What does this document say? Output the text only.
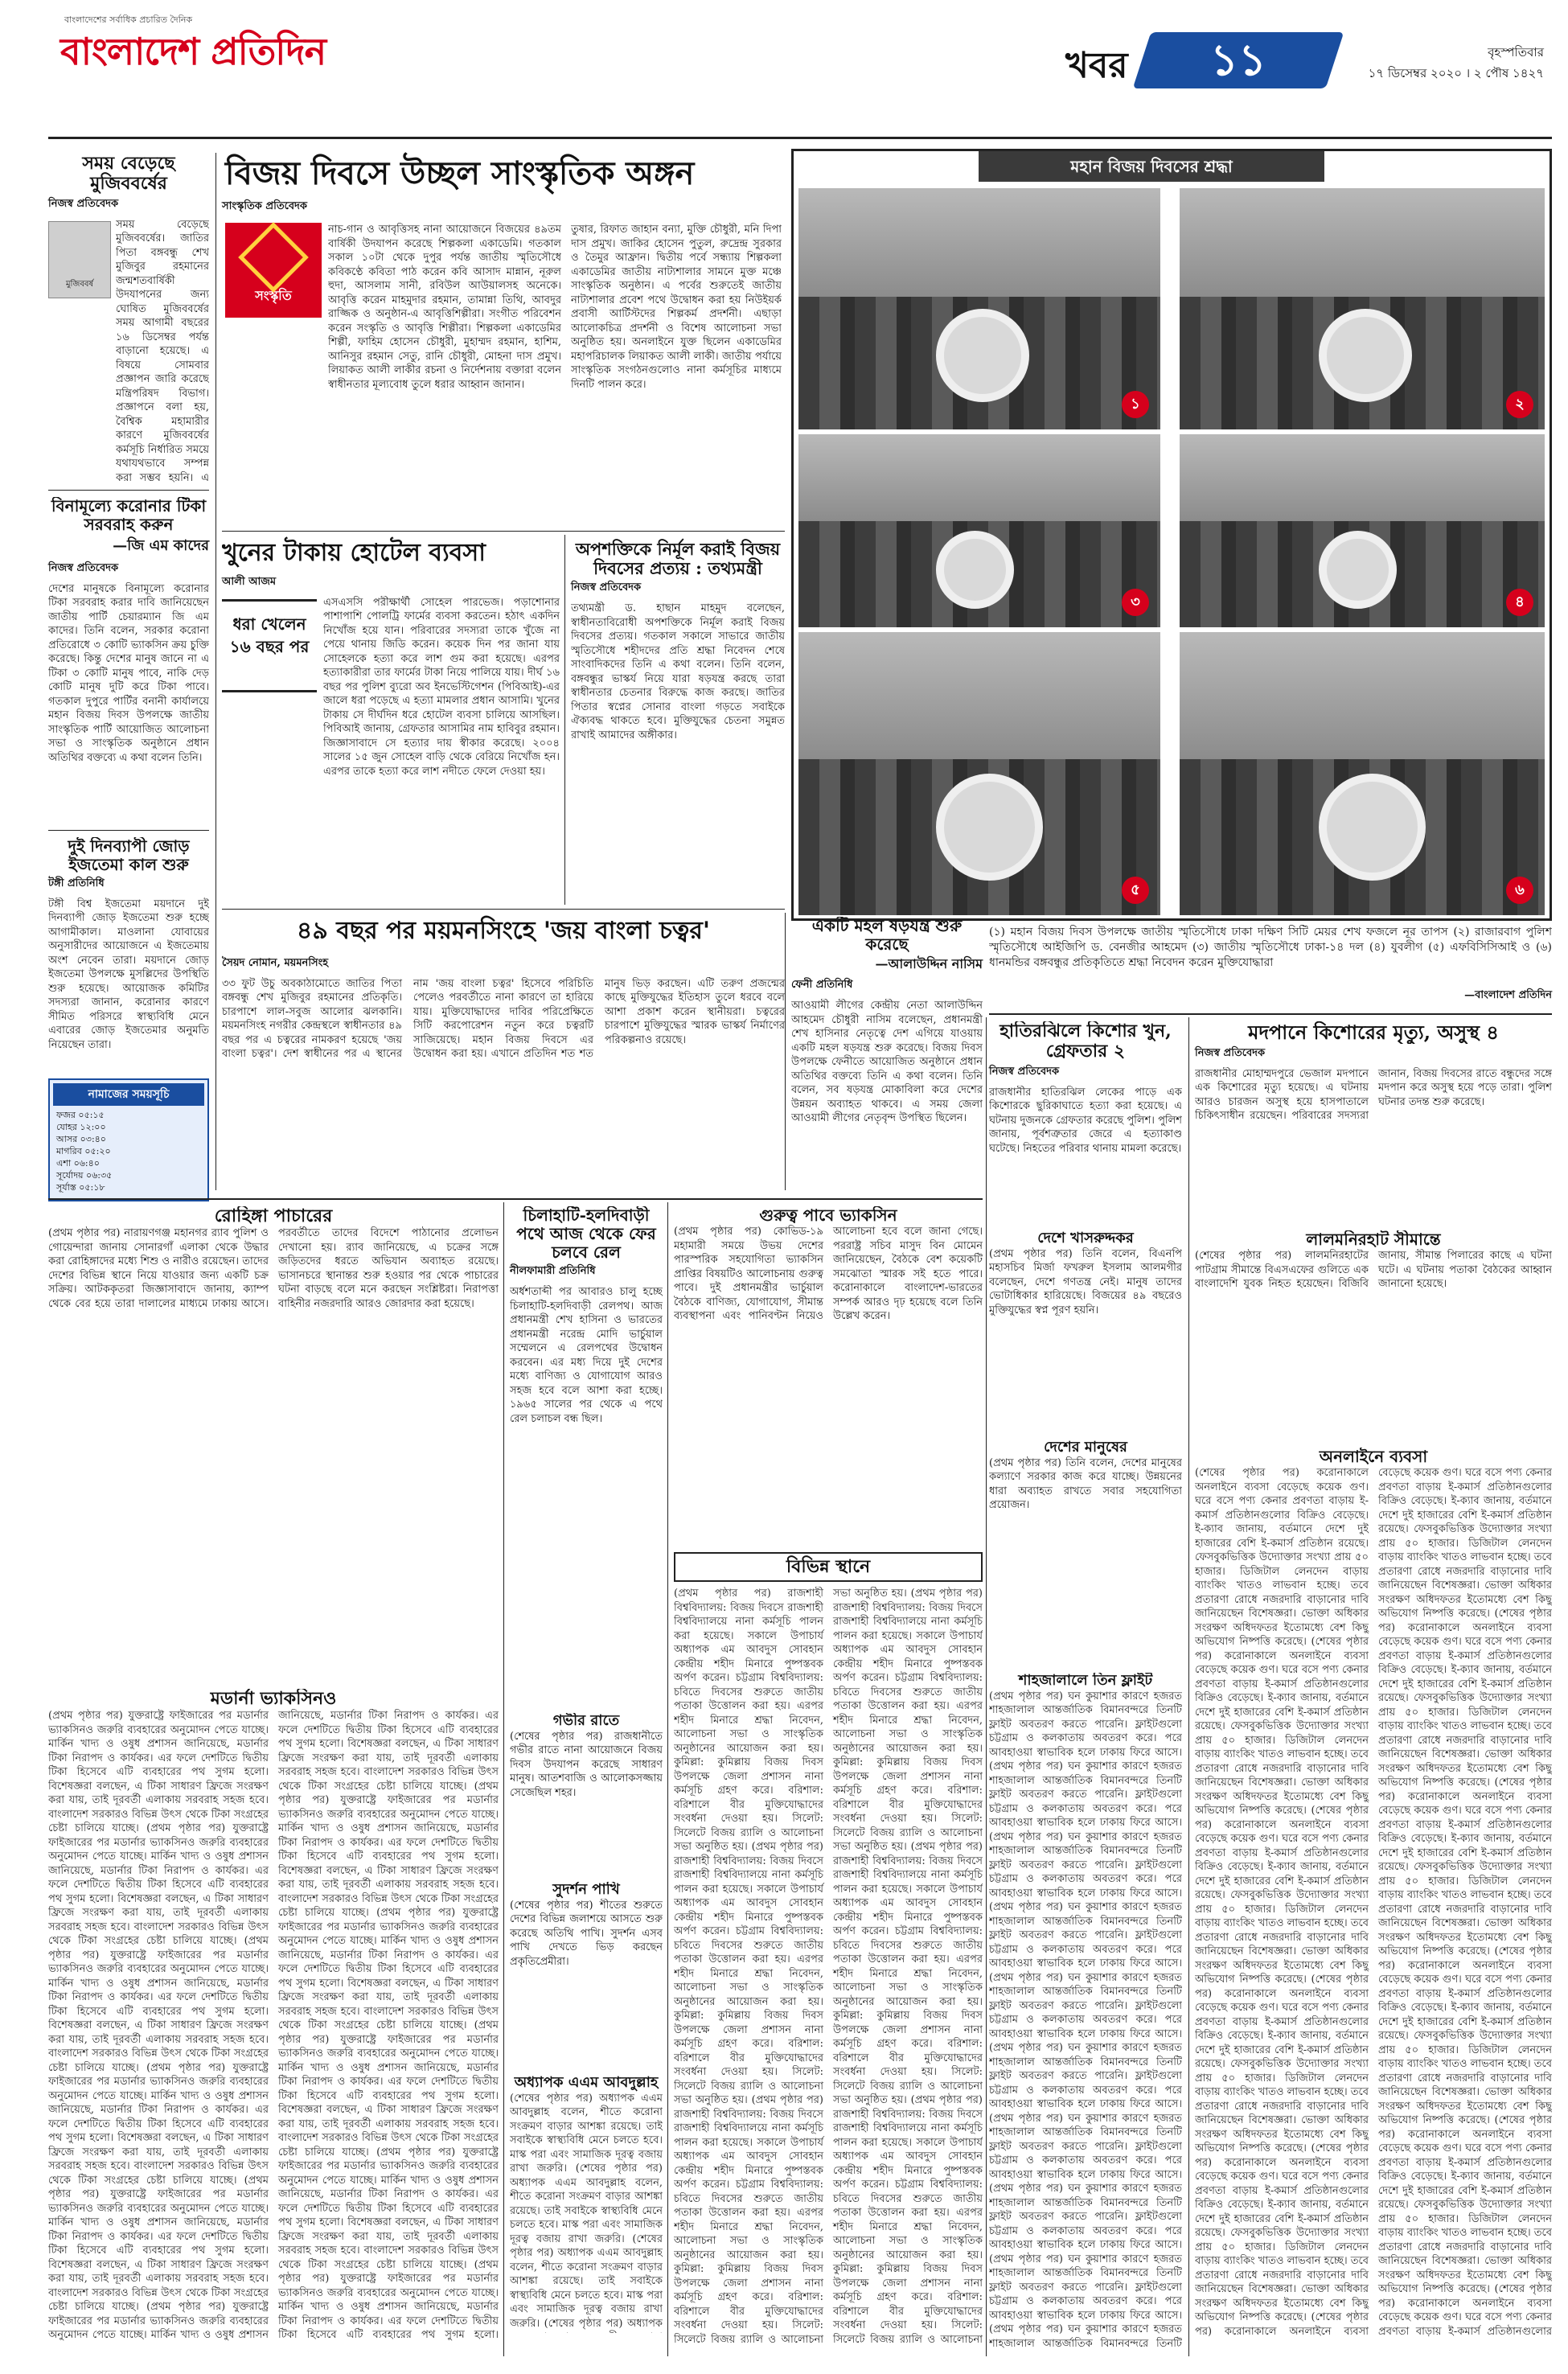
বাংলাদেশের সর্বাধিক প্রচারিত দৈনিক
বাংলাদেশ প্রতিদিন	খবর	১১	বৃহস্পতিবার
১৭ ডিসেম্বর ২০২০ । ২ পৌষ ১৪২৭
সময় বেড়েছে মুজিববর্ষের
নিজস্ব প্রতিবেদক
মুজিববর্ষ
সময় বেড়েছে মুজিববর্ষের। জাতির পিতা বঙ্গবন্ধু শেখ মুজিবুর রহমানের জন্মশতবার্ষিকী উদযাপনের জন্য ঘোষিত মুজিববর্ষের সময় আগামী বছরের ১৬ ডিসেম্বর পর্যন্ত বাড়ানো হয়েছে। এ বিষয়ে সোমবার প্রজ্ঞাপন জারি করেছে মন্ত্রিপরিষদ বিভাগ। প্রজ্ঞাপনে বলা হয়, বৈশ্বিক মহামারীর কারণে মুজিববর্ষের কর্মসূচি নির্ধারিত সময়ে যথাযথভাবে সম্পন্ন করা সম্ভব হয়নি। এ
বিনামূল্যে করোনার টিকা সরবরাহ করুন
—জি এম কাদের
নিজস্ব প্রতিবেদক
দেশের মানুষকে বিনামূল্যে করোনার টিকা সরবরাহ করার দাবি জানিয়েছেন জাতীয় পার্টি চেয়ারম্যান জি এম কাদের। তিনি বলেন, সরকার করোনা প্রতিরোধে ৩ কোটি ভ্যাকসিন ক্রয় চুক্তি করেছে। কিন্তু দেশের মানুষ জানে না এ টিকা ৩ কোটি মানুষ পাবে, নাকি দেড় কোটি মানুষ দুটি করে টিকা পাবে। গতকাল দুপুরে পার্টির বনানী কার্যালয়ে মহান বিজয় দিবস উপলক্ষে জাতীয় সাংস্কৃতিক পার্টি আয়োজিত আলোচনা সভা ও সাংস্কৃতিক অনুষ্ঠানে প্রধান অতিথির বক্তব্যে এ কথা বলেন তিনি।
দুই দিনব্যাপী জোড় ইজতেমা কাল শুরু
টঙ্গী প্রতিনিধি
টঙ্গী বিশ্ব ইজতেমা ময়দানে দুই দিনব্যাপী জোড় ইজতেমা শুরু হচ্ছে আগামীকাল। মাওলানা যোবায়ের অনুসারীদের আয়োজনে এ ইজতেমায় অংশ নেবেন তারা। ময়দানে জোড় ইজতেমা উপলক্ষে মুসল্লিদের উপস্থিতি শুরু হয়েছে। আয়োজক কমিটির সদস্যরা জানান, করোনার কারণে সীমিত পরিসরে স্বাস্থ্যবিধি মেনে এবারের জোড় ইজতেমার অনুমতি নিয়েছেন তারা।
নামাজের সময়সূচি
ফজর ০৫:১৫
যোহর ১২:০০
আসর ০৩:৪০
মাগরিব ০৫:২০
এশা ০৬:৪০
সূর্যোদয় ০৬:৩৫
সূর্যাস্ত ০৫:১৮
বিজয় দিবসে উচ্ছল সাংস্কৃতিক অঙ্গন
সাংস্কৃতিক প্রতিবেদক
সংস্কৃতি
নাচ-গান ও আবৃত্তিসহ নানা আয়োজনে বিজয়ের ৪৯তম বার্ষিকী উদযাপন করেছে শিল্পকলা একাডেমি। গতকাল সকাল ১০টা থেকে দুপুর পর্যন্ত জাতীয় স্মৃতিসৌধে কবিকণ্ঠে কবিতা পাঠ করেন কবি আসাদ মান্নান, নূরুল হুদা, আসলাম সানী, রবিউল আউয়ালসহ অনেকে। আবৃত্তি করেন মাহমুদার রহমান, তামান্না তিথি, আবদুর রাজ্জিক ও অনুষ্ঠান-এ আবৃত্তিশিল্পীরা। সংগীত পরিবেশন করেন সংস্কৃতি ও আবৃত্তি শিল্পীরা। শিল্পকলা একাডেমির শিল্পী, ফাহিম হোসেন চৌধুরী, মুহাম্মদ রহমান, হাশিম, আনিসুর রহমান সেতু, রানি চৌধুরী, মোহনা দাস প্রমুখ। লিয়াকত আলী লাকীর রচনা ও নির্দেশনায় বক্তারা বলেন স্বাধীনতার মূল্যবোধ তুলে ধরার আহ্বান জানান।
তুষার, রিফাত জাহান বন্যা, মুক্তি চৌধুরী, মনি দিপা দাস প্রমুখ। জাকির হোসেন পুতুল, রুদ্রেন্দ্র সুরকার ও তৈমুর আফ্রান। দ্বিতীয় পর্বে সন্ধ্যায় শিল্পকলা একাডেমির জাতীয় নাট্যশালার সামনে মুক্ত মঞ্চে সাংস্কৃতিক অনুষ্ঠান। এ পর্বের শুরুতেই জাতীয় নাট্যশালার প্রবেশ পথে উদ্বোধন করা হয় নিউইয়র্ক প্রবাসী আর্টিস্টদের শিল্পকর্ম প্রদর্শনী। এছাড়া আলোকচিত্র প্রদর্শনী ও বিশেষ আলোচনা সভা অনুষ্ঠিত হয়। অনলাইনে যুক্ত ছিলেন একাডেমির মহাপরিচালক লিয়াকত আলী লাকী। জাতীয় পর্যায়ে সাংস্কৃতিক সংগঠনগুলোও নানা কর্মসূচির মাধ্যমে দিনটি পালন করে।
খুনের টাকায় হোটেল ব্যবসা
আলী আজম
ধরা খেলেন ১৬ বছর পর
এসএসসি পরীক্ষার্থী সোহেল পারভেজ। পড়াশোনার পাশাপাশি পোলট্রি ফার্মের ব্যবসা করতেন। হঠাৎ একদিন নিখোঁজ হয়ে যান। পরিবারের সদস্যরা তাকে খুঁজে না পেয়ে থানায় জিডি করেন। কয়েক দিন পর জানা যায় সোহেলকে হত্যা করে লাশ গুম করা হয়েছে। এরপর হত্যাকারীরা তার ফার্মের টাকা নিয়ে পালিয়ে যায়। দীর্ঘ ১৬ বছর পর পুলিশ ব্যুরো অব ইনভেস্টিগেশন (পিবিআই)-এর জালে ধরা পড়েছে এ হত্যা মামলার প্রধান আসামি। খুনের টাকায় সে দীর্ঘদিন ধরে হোটেল ব্যবসা চালিয়ে আসছিল। পিবিআই জানায়, গ্রেফতার আসামির নাম হাবিবুর রহমান। জিজ্ঞাসাবাদে সে হত্যার দায় স্বীকার করেছে। ২০০৪ সালের ১৫ জুন সোহেল বাড়ি থেকে বেরিয়ে নিখোঁজ হন। এরপর তাকে হত্যা করে লাশ নদীতে ফেলে দেওয়া হয়।
৪৯ বছর পর ময়মনসিংহে 'জয় বাংলা চত্বর'
সৈয়দ নোমান, ময়মনসিংহ
৩৩ ফুট উচু অবকাঠামোতে জাতির পিতা বঙ্গবন্ধু শেখ মুজিবুর রহমানের প্রতিকৃতি। চারপাশে লাল-সবুজ আলোর ঝলকানি। ময়মনসিংহ নগরীর কেন্দ্রস্থলে স্বাধীনতার ৪৯ বছর পর এ চত্বরের নামকরণ হয়েছে 'জয় বাংলা চত্বর'। দেশ স্বাধীনের পর এ স্থানের নাম 'জয় বাংলা চত্বর' হিসেবে পরিচিতি পেলেও পরবর্তীতে নানা কারণে তা হারিয়ে যায়। মুক্তিযোদ্ধাদের দাবির পরিপ্রেক্ষিতে সিটি করপোরেশন নতুন করে চত্বরটি সাজিয়েছে। মহান বিজয় দিবসে এর উদ্বোধন করা হয়। এখানে প্রতিদিন শত শত মানুষ ভিড় করছেন। এটি তরুণ প্রজন্মের কাছে মুক্তিযুদ্ধের ইতিহাস তুলে ধরবে বলে আশা প্রকাশ করেন স্থানীয়রা। চত্বরের চারপাশে মুক্তিযুদ্ধের স্মারক ভাস্কর্য নির্মাণের পরিকল্পনাও রয়েছে।
অপশক্তিকে নির্মূল করাই বিজয় দিবসের প্রত্যয় : তথ্যমন্ত্রী
নিজস্ব প্রতিবেদক
তথ্যমন্ত্রী ড. হাছান মাহমুদ বলেছেন, স্বাধীনতাবিরোধী অপশক্তিকে নির্মূল করাই বিজয় দিবসের প্রত্যয়। গতকাল সকালে সাভারে জাতীয় স্মৃতিসৌধে শহীদদের প্রতি শ্রদ্ধা নিবেদন শেষে সাংবাদিকদের তিনি এ কথা বলেন। তিনি বলেন, বঙ্গবন্ধুর ভাস্কর্য নিয়ে যারা ষড়যন্ত্র করছে তারা স্বাধীনতার চেতনার বিরুদ্ধে কাজ করছে। জাতির পিতার স্বপ্নের সোনার বাংলা গড়তে সবাইকে ঐক্যবদ্ধ থাকতে হবে। মুক্তিযুদ্ধের চেতনা সমুন্নত রাখাই আমাদের অঙ্গীকার।
একটি মহল ষড়যন্ত্র শুরু করেছে
—আলাউদ্দিন নাসিম
ফেনী প্রতিনিধি
আওয়ামী লীগের কেন্দ্রীয় নেতা আলাউদ্দিন আহমেদ চৌধুরী নাসিম বলেছেন, প্রধানমন্ত্রী শেখ হাসিনার নেতৃত্বে দেশ এগিয়ে যাওয়ায় একটি মহল ষড়যন্ত্র শুরু করেছে। বিজয় দিবস উপলক্ষে ফেনীতে আয়োজিত অনুষ্ঠানে প্রধান অতিথির বক্তব্যে তিনি এ কথা বলেন। তিনি বলেন, সব ষড়যন্ত্র মোকাবিলা করে দেশের উন্নয়ন অব্যাহত থাকবে। এ সময় জেলা আওয়ামী লীগের নেতৃবৃন্দ উপস্থিত ছিলেন।
মহান বিজয় দিবসের শ্রদ্ধা
১	২
৩	৪
৫	৬
(১) মহান বিজয় দিবস উপলক্ষে জাতীয় স্মৃতিসৌধে ঢাকা দক্ষিণ সিটি মেয়র শেখ ফজলে নূর তাপস (২) রাজারবাগ পুলিশ স্মৃতিসৌধে আইজিপি ড. বেনজীর আহমেদ (৩) জাতীয় স্মৃতিসৌধে ঢাকা-১৪ দল (৪) যুবলীগ (৫) এফবিসিসিআই ও (৬) ধানমন্ডির বঙ্গবন্ধুর প্রতিকৃতিতে শ্রদ্ধা নিবেদন করেন মুক্তিযোদ্ধারা
—বাংলাদেশ প্রতিদিন
হাতিরঝিলে কিশোর খুন, গ্রেফতার ২
নিজস্ব প্রতিবেদক
রাজধানীর হাতিরঝিল লেকের পাড়ে এক কিশোরকে ছুরিকাঘাতে হত্যা করা হয়েছে। এ ঘটনায় দুজনকে গ্রেফতার করেছে পুলিশ। পুলিশ জানায়, পূর্বশত্রুতার জেরে এ হত্যাকাণ্ড ঘটেছে। নিহতের পরিবার থানায় মামলা করেছে।
দেশে খাসরুদ্দকর
(প্রথম পৃষ্ঠার পর) তিনি বলেন, বিএনপি মহাসচিব মির্জা ফখরুল ইসলাম আলমগীর বলেছেন, দেশে গণতন্ত্র নেই। মানুষ তাদের ভোটাধিকার হারিয়েছে। বিজয়ের ৪৯ বছরেও মুক্তিযুদ্ধের স্বপ্ন পূরণ হয়নি।
দেশের মানুষের
(প্রথম পৃষ্ঠার পর) তিনি বলেন, দেশের মানুষের কল্যাণে সরকার কাজ করে যাচ্ছে। উন্নয়নের ধারা অব্যাহত রাখতে সবার সহযোগিতা প্রয়োজন।
শাহজালালে তিন ফ্লাইট
(প্রথম পৃষ্ঠার পর) ঘন কুয়াশার কারণে হজরত শাহজালাল আন্তর্জাতিক বিমানবন্দরে তিনটি ফ্লাইট অবতরণ করতে পারেনি। ফ্লাইটগুলো চট্টগ্রাম ও কলকাতায় অবতরণ করে। পরে আবহাওয়া স্বাভাবিক হলে ঢাকায় ফিরে আসে। (প্রথম পৃষ্ঠার পর) ঘন কুয়াশার কারণে হজরত শাহজালাল আন্তর্জাতিক বিমানবন্দরে তিনটি ফ্লাইট অবতরণ করতে পারেনি। ফ্লাইটগুলো চট্টগ্রাম ও কলকাতায় অবতরণ করে। পরে আবহাওয়া স্বাভাবিক হলে ঢাকায় ফিরে আসে। (প্রথম পৃষ্ঠার পর) ঘন কুয়াশার কারণে হজরত শাহজালাল আন্তর্জাতিক বিমানবন্দরে তিনটি ফ্লাইট অবতরণ করতে পারেনি। ফ্লাইটগুলো চট্টগ্রাম ও কলকাতায় অবতরণ করে। পরে আবহাওয়া স্বাভাবিক হলে ঢাকায় ফিরে আসে। (প্রথম পৃষ্ঠার পর) ঘন কুয়াশার কারণে হজরত শাহজালাল আন্তর্জাতিক বিমানবন্দরে তিনটি ফ্লাইট অবতরণ করতে পারেনি। ফ্লাইটগুলো চট্টগ্রাম ও কলকাতায় অবতরণ করে। পরে আবহাওয়া স্বাভাবিক হলে ঢাকায় ফিরে আসে। (প্রথম পৃষ্ঠার পর) ঘন কুয়াশার কারণে হজরত শাহজালাল আন্তর্জাতিক বিমানবন্দরে তিনটি ফ্লাইট অবতরণ করতে পারেনি। ফ্লাইটগুলো চট্টগ্রাম ও কলকাতায় অবতরণ করে। পরে আবহাওয়া স্বাভাবিক হলে ঢাকায় ফিরে আসে। (প্রথম পৃষ্ঠার পর) ঘন কুয়াশার কারণে হজরত শাহজালাল আন্তর্জাতিক বিমানবন্দরে তিনটি ফ্লাইট অবতরণ করতে পারেনি। ফ্লাইটগুলো চট্টগ্রাম ও কলকাতায় অবতরণ করে। পরে আবহাওয়া স্বাভাবিক হলে ঢাকায় ফিরে আসে। (প্রথম পৃষ্ঠার পর) ঘন কুয়াশার কারণে হজরত শাহজালাল আন্তর্জাতিক বিমানবন্দরে তিনটি ফ্লাইট অবতরণ করতে পারেনি। ফ্লাইটগুলো চট্টগ্রাম ও কলকাতায় অবতরণ করে। পরে আবহাওয়া স্বাভাবিক হলে ঢাকায় ফিরে আসে। (প্রথম পৃষ্ঠার পর) ঘন কুয়াশার কারণে হজরত শাহজালাল আন্তর্জাতিক বিমানবন্দরে তিনটি ফ্লাইট অবতরণ করতে পারেনি। ফ্লাইটগুলো চট্টগ্রাম ও কলকাতায় অবতরণ করে। পরে আবহাওয়া স্বাভাবিক হলে ঢাকায় ফিরে আসে। (প্রথম পৃষ্ঠার পর) ঘন কুয়াশার কারণে হজরত শাহজালাল আন্তর্জাতিক বিমানবন্দরে তিনটি ফ্লাইট অবতরণ করতে পারেনি। ফ্লাইটগুলো চট্টগ্রাম ও কলকাতায় অবতরণ করে। পরে আবহাওয়া স্বাভাবিক হলে ঢাকায় ফিরে আসে। (প্রথম পৃষ্ঠার পর) ঘন কুয়াশার কারণে হজরত শাহজালাল আন্তর্জাতিক বিমানবন্দরে তিনটি
মদপানে কিশোরের মৃত্যু, অসুস্থ ৪
নিজস্ব প্রতিবেদক
রাজধানীর মোহাম্মদপুরে ভেজাল মদপানে এক কিশোরের মৃত্যু হয়েছে। এ ঘটনায় আরও চারজন অসুস্থ হয়ে হাসপাতালে চিকিৎসাধীন রয়েছেন। পরিবারের সদস্যরা জানান, বিজয় দিবসের রাতে বন্ধুদের সঙ্গে মদপান করে অসুস্থ হয়ে পড়ে তারা। পুলিশ ঘটনার তদন্ত শুরু করেছে।
লালমনিরহাট সীমান্তে
(শেষের পৃষ্ঠার পর) লালমনিরহাটের পাটগ্রাম সীমান্তে বিএসএফের গুলিতে এক বাংলাদেশি যুবক নিহত হয়েছেন। বিজিবি জানায়, সীমান্ত পিলারের কাছে এ ঘটনা ঘটে। এ ঘটনায় পতাকা বৈঠকের আহ্বান জানানো হয়েছে।
অনলাইনে ব্যবসা
(শেষের পৃষ্ঠার পর) করোনাকালে অনলাইনে ব্যবসা বেড়েছে কয়েক গুণ। ঘরে বসে পণ্য কেনার প্রবণতা বাড়ায় ই-কমার্স প্রতিষ্ঠানগুলোর বিক্রিও বেড়েছে। ই-ক্যাব জানায়, বর্তমানে দেশে দুই হাজারের বেশি ই-কমার্স প্রতিষ্ঠান রয়েছে। ফেসবুকভিত্তিক উদ্যোক্তার সংখ্যা প্রায় ৫০ হাজার। ডিজিটাল লেনদেন বাড়ায় ব্যাংকিং খাতও লাভবান হচ্ছে। তবে প্রতারণা রোধে নজরদারি বাড়ানোর দাবি জানিয়েছেন বিশেষজ্ঞরা। ভোক্তা অধিকার সংরক্ষণ অধিদফতর ইতোমধ্যে বেশ কিছু অভিযোগ নিষ্পত্তি করেছে। (শেষের পৃষ্ঠার পর) করোনাকালে অনলাইনে ব্যবসা বেড়েছে কয়েক গুণ। ঘরে বসে পণ্য কেনার প্রবণতা বাড়ায় ই-কমার্স প্রতিষ্ঠানগুলোর বিক্রিও বেড়েছে। ই-ক্যাব জানায়, বর্তমানে দেশে দুই হাজারের বেশি ই-কমার্স প্রতিষ্ঠান রয়েছে। ফেসবুকভিত্তিক উদ্যোক্তার সংখ্যা প্রায় ৫০ হাজার। ডিজিটাল লেনদেন বাড়ায় ব্যাংকিং খাতও লাভবান হচ্ছে। তবে প্রতারণা রোধে নজরদারি বাড়ানোর দাবি জানিয়েছেন বিশেষজ্ঞরা। ভোক্তা অধিকার সংরক্ষণ অধিদফতর ইতোমধ্যে বেশ কিছু অভিযোগ নিষ্পত্তি করেছে। (শেষের পৃষ্ঠার পর) করোনাকালে অনলাইনে ব্যবসা বেড়েছে কয়েক গুণ। ঘরে বসে পণ্য কেনার প্রবণতা বাড়ায় ই-কমার্স প্রতিষ্ঠানগুলোর বিক্রিও বেড়েছে। ই-ক্যাব জানায়, বর্তমানে দেশে দুই হাজারের বেশি ই-কমার্স প্রতিষ্ঠান রয়েছে। ফেসবুকভিত্তিক উদ্যোক্তার সংখ্যা প্রায় ৫০ হাজার। ডিজিটাল লেনদেন বাড়ায় ব্যাংকিং খাতও লাভবান হচ্ছে। তবে প্রতারণা রোধে নজরদারি বাড়ানোর দাবি জানিয়েছেন বিশেষজ্ঞরা। ভোক্তা অধিকার সংরক্ষণ অধিদফতর ইতোমধ্যে বেশ কিছু অভিযোগ নিষ্পত্তি করেছে। (শেষের পৃষ্ঠার পর) করোনাকালে অনলাইনে ব্যবসা বেড়েছে কয়েক গুণ। ঘরে বসে পণ্য কেনার প্রবণতা বাড়ায় ই-কমার্স প্রতিষ্ঠানগুলোর বিক্রিও বেড়েছে। ই-ক্যাব জানায়, বর্তমানে দেশে দুই হাজারের বেশি ই-কমার্স প্রতিষ্ঠান রয়েছে। ফেসবুকভিত্তিক উদ্যোক্তার সংখ্যা প্রায় ৫০ হাজার। ডিজিটাল লেনদেন বাড়ায় ব্যাংকিং খাতও লাভবান হচ্ছে। তবে প্রতারণা রোধে নজরদারি বাড়ানোর দাবি জানিয়েছেন বিশেষজ্ঞরা। ভোক্তা অধিকার সংরক্ষণ অধিদফতর ইতোমধ্যে বেশ কিছু অভিযোগ নিষ্পত্তি করেছে। (শেষের পৃষ্ঠার পর) করোনাকালে অনলাইনে ব্যবসা বেড়েছে কয়েক গুণ। ঘরে বসে পণ্য কেনার প্রবণতা বাড়ায় ই-কমার্স প্রতিষ্ঠানগুলোর বিক্রিও বেড়েছে। ই-ক্যাব জানায়, বর্তমানে দেশে দুই হাজারের বেশি ই-কমার্স প্রতিষ্ঠান রয়েছে। ফেসবুকভিত্তিক উদ্যোক্তার সংখ্যা প্রায় ৫০ হাজার। ডিজিটাল লেনদেন বাড়ায় ব্যাংকিং খাতও লাভবান হচ্ছে। তবে প্রতারণা রোধে নজরদারি বাড়ানোর দাবি জানিয়েছেন বিশেষজ্ঞরা। ভোক্তা অধিকার সংরক্ষণ অধিদফতর ইতোমধ্যে বেশ কিছু অভিযোগ নিষ্পত্তি করেছে। (শেষের পৃষ্ঠার পর) করোনাকালে অনলাইনে ব্যবসা বেড়েছে কয়েক গুণ। ঘরে বসে পণ্য কেনার প্রবণতা বাড়ায় ই-কমার্স প্রতিষ্ঠানগুলোর বিক্রিও বেড়েছে। ই-ক্যাব জানায়, বর্তমানে দেশে দুই হাজারের বেশি ই-কমার্স প্রতিষ্ঠান রয়েছে। ফেসবুকভিত্তিক উদ্যোক্তার সংখ্যা প্রায় ৫০ হাজার। ডিজিটাল লেনদেন বাড়ায় ব্যাংকিং খাতও লাভবান হচ্ছে। তবে প্রতারণা রোধে নজরদারি বাড়ানোর দাবি জানিয়েছেন বিশেষজ্ঞরা। ভোক্তা অধিকার সংরক্ষণ অধিদফতর ইতোমধ্যে বেশ কিছু অভিযোগ নিষ্পত্তি করেছে। (শেষের পৃষ্ঠার পর) করোনাকালে অনলাইনে ব্যবসা বেড়েছে কয়েক গুণ। ঘরে বসে পণ্য কেনার প্রবণতা বাড়ায় ই-কমার্স প্রতিষ্ঠানগুলোর বিক্রিও বেড়েছে। ই-ক্যাব জানায়, বর্তমানে দেশে দুই হাজারের বেশি ই-কমার্স প্রতিষ্ঠান রয়েছে। ফেসবুকভিত্তিক উদ্যোক্তার সংখ্যা প্রায় ৫০ হাজার। ডিজিটাল লেনদেন বাড়ায় ব্যাংকিং খাতও লাভবান হচ্ছে। তবে প্রতারণা রোধে নজরদারি বাড়ানোর দাবি জানিয়েছেন বিশেষজ্ঞরা। ভোক্তা অধিকার সংরক্ষণ অধিদফতর ইতোমধ্যে বেশ কিছু অভিযোগ নিষ্পত্তি করেছে। (শেষের পৃষ্ঠার পর) করোনাকালে অনলাইনে ব্যবসা বেড়েছে কয়েক গুণ। ঘরে বসে পণ্য কেনার প্রবণতা বাড়ায় ই-কমার্স প্রতিষ্ঠানগুলোর বিক্রিও বেড়েছে। ই-ক্যাব জানায়, বর্তমানে দেশে দুই হাজারের বেশি ই-কমার্স প্রতিষ্ঠান রয়েছে। ফেসবুকভিত্তিক উদ্যোক্তার সংখ্যা প্রায় ৫০ হাজার। ডিজিটাল লেনদেন বাড়ায় ব্যাংকিং খাতও লাভবান হচ্ছে। তবে প্রতারণা রোধে নজরদারি বাড়ানোর দাবি জানিয়েছেন বিশেষজ্ঞরা। ভোক্তা অধিকার সংরক্ষণ অধিদফতর ইতোমধ্যে বেশ কিছু অভিযোগ নিষ্পত্তি করেছে। (শেষের পৃষ্ঠার পর) করোনাকালে অনলাইনে ব্যবসা বেড়েছে কয়েক গুণ। ঘরে বসে পণ্য কেনার প্রবণতা বাড়ায় ই-কমার্স প্রতিষ্ঠানগুলোর বিক্রিও বেড়েছে। ই-ক্যাব জানায়, বর্তমানে দেশে দুই হাজারের বেশি ই-কমার্স প্রতিষ্ঠান রয়েছে। ফেসবুকভিত্তিক উদ্যোক্তার সংখ্যা প্রায় ৫০ হাজার। ডিজিটাল লেনদেন বাড়ায় ব্যাংকিং খাতও লাভবান হচ্ছে। তবে প্রতারণা রোধে নজরদারি বাড়ানোর দাবি জানিয়েছেন বিশেষজ্ঞরা। ভোক্তা অধিকার সংরক্ষণ অধিদফতর ইতোমধ্যে বেশ কিছু অভিযোগ নিষ্পত্তি করেছে। (শেষের পৃষ্ঠার পর) করোনাকালে অনলাইনে ব্যবসা বেড়েছে কয়েক গুণ। ঘরে বসে পণ্য কেনার প্রবণতা বাড়ায় ই-কমার্স প্রতিষ্ঠানগুলোর বিক্রিও বেড়েছে। ই-ক্যাব জানায়, বর্তমানে দেশে দুই হাজারের বেশি ই-কমার্স প্রতিষ্ঠান রয়েছে। ফেসবুকভিত্তিক উদ্যোক্তার সংখ্যা প্রায় ৫০ হাজার। ডিজিটাল লেনদেন বাড়ায় ব্যাংকিং খাতও লাভবান হচ্ছে। তবে প্রতারণা রোধে নজরদারি বাড়ানোর দাবি জানিয়েছেন বিশেষজ্ঞরা। ভোক্তা অধিকার সংরক্ষণ অধিদফতর ইতোমধ্যে বেশ কিছু অভিযোগ নিষ্পত্তি করেছে। (শেষের পৃষ্ঠার পর) করোনাকালে অনলাইনে ব্যবসা বেড়েছে কয়েক গুণ। ঘরে বসে পণ্য কেনার প্রবণতা বাড়ায় ই-কমার্স প্রতিষ্ঠানগুলোর
রোহিঙ্গা পাচারের
(প্রথম পৃষ্ঠার পর) নারায়ণগঞ্জ মহানগর র‌্যাব পুলিশ ও গোয়েন্দারা জানায় সোনারগাঁ এলাকা থেকে উদ্ধার করা রোহিঙ্গাদের মধ্যে শিশু ও নারীও রয়েছেন। তাদের দেশের বিভিন্ন স্থানে নিয়ে যাওয়ার জন্য একটি চক্র সক্রিয়। আটককৃতরা জিজ্ঞাসাবাদে জানায়, ক্যাম্প থেকে বের হয়ে তারা দালালের মাধ্যমে ঢাকায় আসে। পরবর্তীতে তাদের বিদেশে পাঠানোর প্রলোভন দেখানো হয়। র‌্যাব জানিয়েছে, এ চক্রের সঙ্গে জড়িতদের ধরতে অভিযান অব্যাহত রয়েছে। ভাসানচরে স্থানান্তর শুরু হওয়ার পর থেকে পাচারের ঘটনা বাড়ছে বলে মনে করছেন সংশ্লিষ্টরা। নিরাপত্তা বাহিনীর নজরদারি আরও জোরদার করা হয়েছে।
মডার্না ভ্যাকসিনও
(প্রথম পৃষ্ঠার পর) যুক্তরাষ্ট্রে ফাইজারের পর মডার্নার ভ্যাকসিনও জরুরি ব্যবহারের অনুমোদন পেতে যাচ্ছে। মার্কিন খাদ্য ও ওষুধ প্রশাসন জানিয়েছে, মডার্নার টিকা নিরাপদ ও কার্যকর। এর ফলে দেশটিতে দ্বিতীয় টিকা হিসেবে এটি ব্যবহারের পথ সুগম হলো। বিশেষজ্ঞরা বলছেন, এ টিকা সাধারণ ফ্রিজে সংরক্ষণ করা যায়, তাই দূরবর্তী এলাকায় সরবরাহ সহজ হবে। বাংলাদেশ সরকারও বিভিন্ন উৎস থেকে টিকা সংগ্রহের চেষ্টা চালিয়ে যাচ্ছে। (প্রথম পৃষ্ঠার পর) যুক্তরাষ্ট্রে ফাইজারের পর মডার্নার ভ্যাকসিনও জরুরি ব্যবহারের অনুমোদন পেতে যাচ্ছে। মার্কিন খাদ্য ও ওষুধ প্রশাসন জানিয়েছে, মডার্নার টিকা নিরাপদ ও কার্যকর। এর ফলে দেশটিতে দ্বিতীয় টিকা হিসেবে এটি ব্যবহারের পথ সুগম হলো। বিশেষজ্ঞরা বলছেন, এ টিকা সাধারণ ফ্রিজে সংরক্ষণ করা যায়, তাই দূরবর্তী এলাকায় সরবরাহ সহজ হবে। বাংলাদেশ সরকারও বিভিন্ন উৎস থেকে টিকা সংগ্রহের চেষ্টা চালিয়ে যাচ্ছে। (প্রথম পৃষ্ঠার পর) যুক্তরাষ্ট্রে ফাইজারের পর মডার্নার ভ্যাকসিনও জরুরি ব্যবহারের অনুমোদন পেতে যাচ্ছে। মার্কিন খাদ্য ও ওষুধ প্রশাসন জানিয়েছে, মডার্নার টিকা নিরাপদ ও কার্যকর। এর ফলে দেশটিতে দ্বিতীয় টিকা হিসেবে এটি ব্যবহারের পথ সুগম হলো। বিশেষজ্ঞরা বলছেন, এ টিকা সাধারণ ফ্রিজে সংরক্ষণ করা যায়, তাই দূরবর্তী এলাকায় সরবরাহ সহজ হবে। বাংলাদেশ সরকারও বিভিন্ন উৎস থেকে টিকা সংগ্রহের চেষ্টা চালিয়ে যাচ্ছে। (প্রথম পৃষ্ঠার পর) যুক্তরাষ্ট্রে ফাইজারের পর মডার্নার ভ্যাকসিনও জরুরি ব্যবহারের অনুমোদন পেতে যাচ্ছে। মার্কিন খাদ্য ও ওষুধ প্রশাসন জানিয়েছে, মডার্নার টিকা নিরাপদ ও কার্যকর। এর ফলে দেশটিতে দ্বিতীয় টিকা হিসেবে এটি ব্যবহারের পথ সুগম হলো। বিশেষজ্ঞরা বলছেন, এ টিকা সাধারণ ফ্রিজে সংরক্ষণ করা যায়, তাই দূরবর্তী এলাকায় সরবরাহ সহজ হবে। বাংলাদেশ সরকারও বিভিন্ন উৎস থেকে টিকা সংগ্রহের চেষ্টা চালিয়ে যাচ্ছে। (প্রথম পৃষ্ঠার পর) যুক্তরাষ্ট্রে ফাইজারের পর মডার্নার ভ্যাকসিনও জরুরি ব্যবহারের অনুমোদন পেতে যাচ্ছে। মার্কিন খাদ্য ও ওষুধ প্রশাসন জানিয়েছে, মডার্নার টিকা নিরাপদ ও কার্যকর। এর ফলে দেশটিতে দ্বিতীয় টিকা হিসেবে এটি ব্যবহারের পথ সুগম হলো। বিশেষজ্ঞরা বলছেন, এ টিকা সাধারণ ফ্রিজে সংরক্ষণ করা যায়, তাই দূরবর্তী এলাকায় সরবরাহ সহজ হবে। বাংলাদেশ সরকারও বিভিন্ন উৎস থেকে টিকা সংগ্রহের চেষ্টা চালিয়ে যাচ্ছে। (প্রথম পৃষ্ঠার পর) যুক্তরাষ্ট্রে ফাইজারের পর মডার্নার ভ্যাকসিনও জরুরি ব্যবহারের অনুমোদন পেতে যাচ্ছে। মার্কিন খাদ্য ও ওষুধ প্রশাসন জানিয়েছে, মডার্নার টিকা নিরাপদ ও কার্যকর। এর ফলে দেশটিতে দ্বিতীয় টিকা হিসেবে এটি ব্যবহারের পথ সুগম হলো। বিশেষজ্ঞরা বলছেন, এ টিকা সাধারণ ফ্রিজে সংরক্ষণ করা যায়, তাই দূরবর্তী এলাকায় সরবরাহ সহজ হবে। বাংলাদেশ সরকারও বিভিন্ন উৎস থেকে টিকা সংগ্রহের চেষ্টা চালিয়ে যাচ্ছে। (প্রথম পৃষ্ঠার পর) যুক্তরাষ্ট্রে ফাইজারের পর মডার্নার ভ্যাকসিনও জরুরি ব্যবহারের অনুমোদন পেতে যাচ্ছে। মার্কিন খাদ্য ও ওষুধ প্রশাসন জানিয়েছে, মডার্নার টিকা নিরাপদ ও কার্যকর। এর ফলে দেশটিতে দ্বিতীয় টিকা হিসেবে এটি ব্যবহারের পথ সুগম হলো। বিশেষজ্ঞরা বলছেন, এ টিকা সাধারণ ফ্রিজে সংরক্ষণ করা যায়, তাই দূরবর্তী এলাকায় সরবরাহ সহজ হবে। বাংলাদেশ সরকারও বিভিন্ন উৎস থেকে টিকা সংগ্রহের চেষ্টা চালিয়ে যাচ্ছে। (প্রথম পৃষ্ঠার পর) যুক্তরাষ্ট্রে ফাইজারের পর মডার্নার ভ্যাকসিনও জরুরি ব্যবহারের অনুমোদন পেতে যাচ্ছে। মার্কিন খাদ্য ও ওষুধ প্রশাসন জানিয়েছে, মডার্নার টিকা নিরাপদ ও কার্যকর। এর ফলে দেশটিতে দ্বিতীয় টিকা হিসেবে এটি ব্যবহারের পথ সুগম হলো। বিশেষজ্ঞরা বলছেন, এ টিকা সাধারণ ফ্রিজে সংরক্ষণ করা যায়, তাই দূরবর্তী এলাকায় সরবরাহ সহজ হবে। বাংলাদেশ সরকারও বিভিন্ন উৎস থেকে টিকা সংগ্রহের চেষ্টা চালিয়ে যাচ্ছে। (প্রথম পৃষ্ঠার পর) যুক্তরাষ্ট্রে ফাইজারের পর মডার্নার ভ্যাকসিনও জরুরি ব্যবহারের অনুমোদন পেতে যাচ্ছে। মার্কিন খাদ্য ও ওষুধ প্রশাসন জানিয়েছে, মডার্নার টিকা নিরাপদ ও কার্যকর। এর ফলে দেশটিতে দ্বিতীয় টিকা হিসেবে এটি ব্যবহারের পথ সুগম হলো। বিশেষজ্ঞরা বলছেন, এ টিকা সাধারণ ফ্রিজে সংরক্ষণ করা যায়, তাই দূরবর্তী এলাকায় সরবরাহ সহজ হবে। বাংলাদেশ সরকারও বিভিন্ন উৎস থেকে টিকা সংগ্রহের চেষ্টা চালিয়ে যাচ্ছে। (প্রথম পৃষ্ঠার পর) যুক্তরাষ্ট্রে ফাইজারের পর মডার্নার ভ্যাকসিনও জরুরি ব্যবহারের অনুমোদন পেতে যাচ্ছে। মার্কিন খাদ্য ও ওষুধ প্রশাসন জানিয়েছে, মডার্নার টিকা নিরাপদ ও কার্যকর। এর ফলে দেশটিতে দ্বিতীয় টিকা হিসেবে এটি ব্যবহারের পথ সুগম হলো। বিশেষজ্ঞরা বলছেন, এ টিকা সাধারণ ফ্রিজে সংরক্ষণ করা যায়, তাই দূরবর্তী এলাকায় সরবরাহ সহজ হবে। বাংলাদেশ সরকারও বিভিন্ন উৎস থেকে টিকা সংগ্রহের চেষ্টা চালিয়ে যাচ্ছে। (প্রথম পৃষ্ঠার পর) যুক্তরাষ্ট্রে ফাইজারের পর মডার্নার ভ্যাকসিনও জরুরি ব্যবহারের অনুমোদন পেতে যাচ্ছে। মার্কিন খাদ্য ও ওষুধ প্রশাসন জানিয়েছে, মডার্নার টিকা নিরাপদ ও কার্যকর। এর ফলে দেশটিতে দ্বিতীয় টিকা হিসেবে এটি ব্যবহারের পথ সুগম হলো।
চিলাহাটি-হলদিবাড়ী পথে আজ থেকে ফের চলবে রেল
নীলফামারী প্রতিনিধি
অর্ধশতাব্দী পর আবারও চালু হচ্ছে চিলাহাটি-হলদিবাড়ী রেলপথ। আজ প্রধানমন্ত্রী শেখ হাসিনা ও ভারতের প্রধানমন্ত্রী নরেন্দ্র মোদি ভার্চুয়াল সম্মেলনে এ রেলপথের উদ্বোধন করবেন। এর মধ্য দিয়ে দুই দেশের মধ্যে বাণিজ্য ও যোগাযোগ আরও সহজ হবে বলে আশা করা হচ্ছে। ১৯৬৫ সালের পর থেকে এ পথে রেল চলাচল বন্ধ ছিল।
গভীর রাতে
(শেষের পৃষ্ঠার পর) রাজধানীতে গভীর রাতে নানা আয়োজনে বিজয় দিবস উদযাপন করেছে সাধারণ মানুষ। আতশবাজি ও আলোকসজ্জায় সেজেছিল শহর।
সুদর্শন পাখি
(শেষের পৃষ্ঠার পর) শীতের শুরুতে দেশের বিভিন্ন জলাশয়ে আসতে শুরু করেছে অতিথি পাখি। সুদর্শন এসব পাখি দেখতে ভিড় করছেন প্রকৃতিপ্রেমীরা।
অধ্যাপক এএম আবদুল্লাহ
(শেষের পৃষ্ঠার পর) অধ্যাপক এএম আবদুল্লাহ বলেন, শীতে করোনা সংক্রমণ বাড়ার আশঙ্কা রয়েছে। তাই সবাইকে স্বাস্থ্যবিধি মেনে চলতে হবে। মাস্ক পরা এবং সামাজিক দূরত্ব বজায় রাখা জরুরি। (শেষের পৃষ্ঠার পর) অধ্যাপক এএম আবদুল্লাহ বলেন, শীতে করোনা সংক্রমণ বাড়ার আশঙ্কা রয়েছে। তাই সবাইকে স্বাস্থ্যবিধি মেনে চলতে হবে। মাস্ক পরা এবং সামাজিক দূরত্ব বজায় রাখা জরুরি। (শেষের পৃষ্ঠার পর) অধ্যাপক এএম আবদুল্লাহ বলেন, শীতে করোনা সংক্রমণ বাড়ার আশঙ্কা রয়েছে। তাই সবাইকে স্বাস্থ্যবিধি মেনে চলতে হবে। মাস্ক পরা এবং সামাজিক দূরত্ব বজায় রাখা জরুরি। (শেষের পৃষ্ঠার পর) অধ্যাপক
গুরুত্ব পাবে ভ্যাকসিন
(প্রথম পৃষ্ঠার পর) কোভিড-১৯ মহামারী সময়ে উভয় দেশের পারস্পরিক সহযোগিতা ভ্যাকসিন প্রাপ্তির বিষয়টিও আলোচনায় গুরুত্ব পাবে। দুই প্রধানমন্ত্রীর ভার্চুয়াল বৈঠকে বাণিজ্য, যোগাযোগ, সীমান্ত ব্যবস্থাপনা এবং পানিবণ্টন নিয়েও আলোচনা হবে বলে জানা গেছে। পররাষ্ট্র সচিব মাসুদ বিন মোমেন জানিয়েছেন, বৈঠকে বেশ কয়েকটি সমঝোতা স্মারক সই হতে পারে। করোনাকালে বাংলাদেশ-ভারতের সম্পর্ক আরও দৃঢ় হয়েছে বলে তিনি উল্লেখ করেন।
বিভিন্ন স্থানে
(প্রথম পৃষ্ঠার পর) রাজশাহী বিশ্ববিদ্যালয়: বিজয় দিবসে রাজশাহী বিশ্ববিদ্যালয়ে নানা কর্মসূচি পালন করা হয়েছে। সকালে উপাচার্য অধ্যাপক এম আবদুস সোবহান কেন্দ্রীয় শহীদ মিনারে পুষ্পস্তবক অর্পণ করেন। চট্টগ্রাম বিশ্ববিদ্যালয়: চবিতে দিবসের শুরুতে জাতীয় পতাকা উত্তোলন করা হয়। এরপর শহীদ মিনারে শ্রদ্ধা নিবেদন, আলোচনা সভা ও সাংস্কৃতিক অনুষ্ঠানের আয়োজন করা হয়। কুমিল্লা: কুমিল্লায় বিজয় দিবস উপলক্ষে জেলা প্রশাসন নানা কর্মসূচি গ্রহণ করে। বরিশাল: বরিশালে বীর মুক্তিযোদ্ধাদের সংবর্ধনা দেওয়া হয়। সিলেট: সিলেটে বিজয় র‌্যালি ও আলোচনা সভা অনুষ্ঠিত হয়। (প্রথম পৃষ্ঠার পর) রাজশাহী বিশ্ববিদ্যালয়: বিজয় দিবসে রাজশাহী বিশ্ববিদ্যালয়ে নানা কর্মসূচি পালন করা হয়েছে। সকালে উপাচার্য অধ্যাপক এম আবদুস সোবহান কেন্দ্রীয় শহীদ মিনারে পুষ্পস্তবক অর্পণ করেন। চট্টগ্রাম বিশ্ববিদ্যালয়: চবিতে দিবসের শুরুতে জাতীয় পতাকা উত্তোলন করা হয়। এরপর শহীদ মিনারে শ্রদ্ধা নিবেদন, আলোচনা সভা ও সাংস্কৃতিক অনুষ্ঠানের আয়োজন করা হয়। কুমিল্লা: কুমিল্লায় বিজয় দিবস উপলক্ষে জেলা প্রশাসন নানা কর্মসূচি গ্রহণ করে। বরিশাল: বরিশালে বীর মুক্তিযোদ্ধাদের সংবর্ধনা দেওয়া হয়। সিলেট: সিলেটে বিজয় র‌্যালি ও আলোচনা সভা অনুষ্ঠিত হয়। (প্রথম পৃষ্ঠার পর) রাজশাহী বিশ্ববিদ্যালয়: বিজয় দিবসে রাজশাহী বিশ্ববিদ্যালয়ে নানা কর্মসূচি পালন করা হয়েছে। সকালে উপাচার্য অধ্যাপক এম আবদুস সোবহান কেন্দ্রীয় শহীদ মিনারে পুষ্পস্তবক অর্পণ করেন। চট্টগ্রাম বিশ্ববিদ্যালয়: চবিতে দিবসের শুরুতে জাতীয় পতাকা উত্তোলন করা হয়। এরপর শহীদ মিনারে শ্রদ্ধা নিবেদন, আলোচনা সভা ও সাংস্কৃতিক অনুষ্ঠানের আয়োজন করা হয়। কুমিল্লা: কুমিল্লায় বিজয় দিবস উপলক্ষে জেলা প্রশাসন নানা কর্মসূচি গ্রহণ করে। বরিশাল: বরিশালে বীর মুক্তিযোদ্ধাদের সংবর্ধনা দেওয়া হয়। সিলেট: সিলেটে বিজয় র‌্যালি ও আলোচনা সভা অনুষ্ঠিত হয়। (প্রথম পৃষ্ঠার পর) রাজশাহী বিশ্ববিদ্যালয়: বিজয় দিবসে রাজশাহী বিশ্ববিদ্যালয়ে নানা কর্মসূচি পালন করা হয়েছে। সকালে উপাচার্য অধ্যাপক এম আবদুস সোবহান কেন্দ্রীয় শহীদ মিনারে পুষ্পস্তবক অর্পণ করেন। চট্টগ্রাম বিশ্ববিদ্যালয়: চবিতে দিবসের শুরুতে জাতীয় পতাকা উত্তোলন করা হয়। এরপর শহীদ মিনারে শ্রদ্ধা নিবেদন, আলোচনা সভা ও সাংস্কৃতিক অনুষ্ঠানের আয়োজন করা হয়। কুমিল্লা: কুমিল্লায় বিজয় দিবস উপলক্ষে জেলা প্রশাসন নানা কর্মসূচি গ্রহণ করে। বরিশাল: বরিশালে বীর মুক্তিযোদ্ধাদের সংবর্ধনা দেওয়া হয়। সিলেট: সিলেটে বিজয় র‌্যালি ও আলোচনা সভা অনুষ্ঠিত হয়। (প্রথম পৃষ্ঠার পর) রাজশাহী বিশ্ববিদ্যালয়: বিজয় দিবসে রাজশাহী বিশ্ববিদ্যালয়ে নানা কর্মসূচি পালন করা হয়েছে। সকালে উপাচার্য অধ্যাপক এম আবদুস সোবহান কেন্দ্রীয় শহীদ মিনারে পুষ্পস্তবক অর্পণ করেন। চট্টগ্রাম বিশ্ববিদ্যালয়: চবিতে দিবসের শুরুতে জাতীয় পতাকা উত্তোলন করা হয়। এরপর শহীদ মিনারে শ্রদ্ধা নিবেদন, আলোচনা সভা ও সাংস্কৃতিক অনুষ্ঠানের আয়োজন করা হয়। কুমিল্লা: কুমিল্লায় বিজয় দিবস উপলক্ষে জেলা প্রশাসন নানা কর্মসূচি গ্রহণ করে। বরিশাল: বরিশালে বীর মুক্তিযোদ্ধাদের সংবর্ধনা দেওয়া হয়। সিলেট: সিলেটে বিজয় র‌্যালি ও আলোচনা সভা অনুষ্ঠিত হয়। (প্রথম পৃষ্ঠার পর) রাজশাহী বিশ্ববিদ্যালয়: বিজয় দিবসে রাজশাহী বিশ্ববিদ্যালয়ে নানা কর্মসূচি পালন করা হয়েছে। সকালে উপাচার্য অধ্যাপক এম আবদুস সোবহান কেন্দ্রীয় শহীদ মিনারে পুষ্পস্তবক অর্পণ করেন। চট্টগ্রাম বিশ্ববিদ্যালয়: চবিতে দিবসের শুরুতে জাতীয় পতাকা উত্তোলন করা হয়। এরপর শহীদ মিনারে শ্রদ্ধা নিবেদন, আলোচনা সভা ও সাংস্কৃতিক অনুষ্ঠানের আয়োজন করা হয়। কুমিল্লা: কুমিল্লায় বিজয় দিবস উপলক্ষে জেলা প্রশাসন নানা কর্মসূচি গ্রহণ করে। বরিশাল: বরিশালে বীর মুক্তিযোদ্ধাদের সংবর্ধনা দেওয়া হয়। সিলেট: সিলেটে বিজয় র‌্যালি ও আলোচনা
